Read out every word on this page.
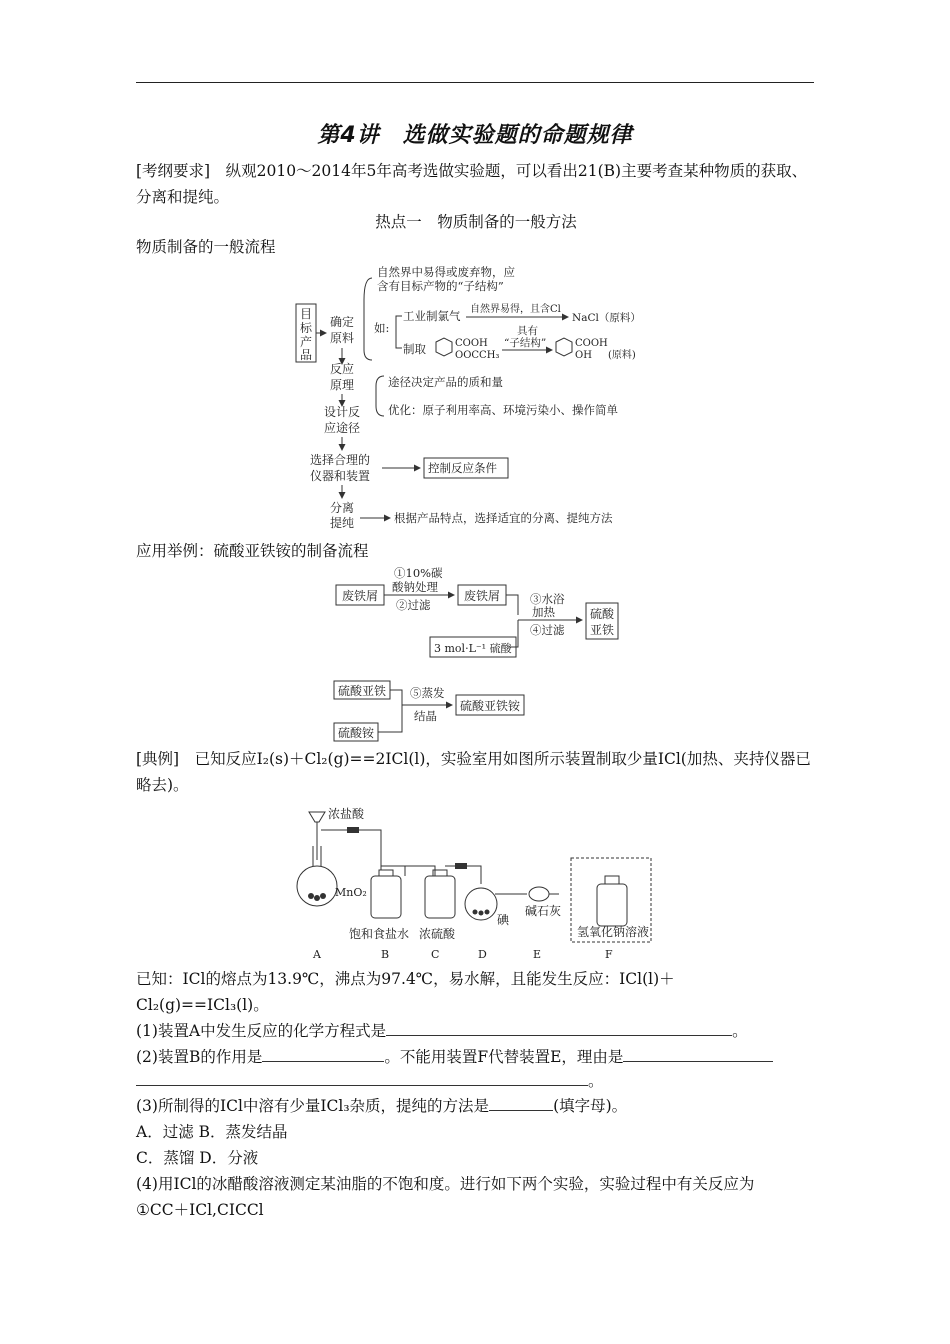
第4讲　选做实验题的命题规律
[考纲要求]　纵观2010～2014年5年高考选做实验题，可以看出21(B)主要考查某种物质的获取、分离和提纯。
热点一　物质制备的一般方法
物质制备的一般流程
目
标
产
品
确定
原料
自然界中易得或废弃物，应
含有目标产物的“子结构”
如:
工业制氯气 自然界易得，且含Cl
NaCl（原料）
制取	COOH
OOCCH₃
具有
“子结构”	COOH
OH (原料)
反应
原理
设计反
应途径
途径决定产品的质和量
优化：原子利用率高、环境污染小、操作简单
选择合理的
仪器和装置
控制反应条件
分离
提纯	根据产品特点，选择适宜的分离、提纯方法
应用举例：硫酸亚铁铵的制备流程
废铁屑
①10%碳
酸钠处理
②过滤
废铁屑	③水浴
加热
④过滤
3 mol·L⁻¹ 硫酸
硫酸
亚铁
硫酸亚铁
硫酸铵
⑤蒸发
结晶
硫酸亚铁铵
[典例]　已知反应I₂(s)＋Cl₂(g)==2ICl(l)，实验室用如图所示装置制取少量ICl(加热、夹持仪器已略去)。
浓盐酸
MnO₂
饱和食盐水 浓硫酸
碘
碱石灰
氢氧化钠溶液
A	B	C	D	E	F
已知：ICl的熔点为13.9℃，沸点为97.4℃，易水解，且能发生反应：ICl(l)＋
Cl₂(g)==ICl₃(l)。
(1)装置A中发生反应的化学方程式是	。
(2)装置B的作用是	。不能用装置F代替装置E，理由是
。
(3)所制得的ICl中溶有少量ICl₃杂质，提纯的方法是	(填字母)。
A．过滤 B．蒸发结晶
C．蒸馏 D．分液
(4)用ICl的冰醋酸溶液测定某油脂的不饱和度。进行如下两个实验，实验过程中有关反应为
①CC＋ICl,CICCl
